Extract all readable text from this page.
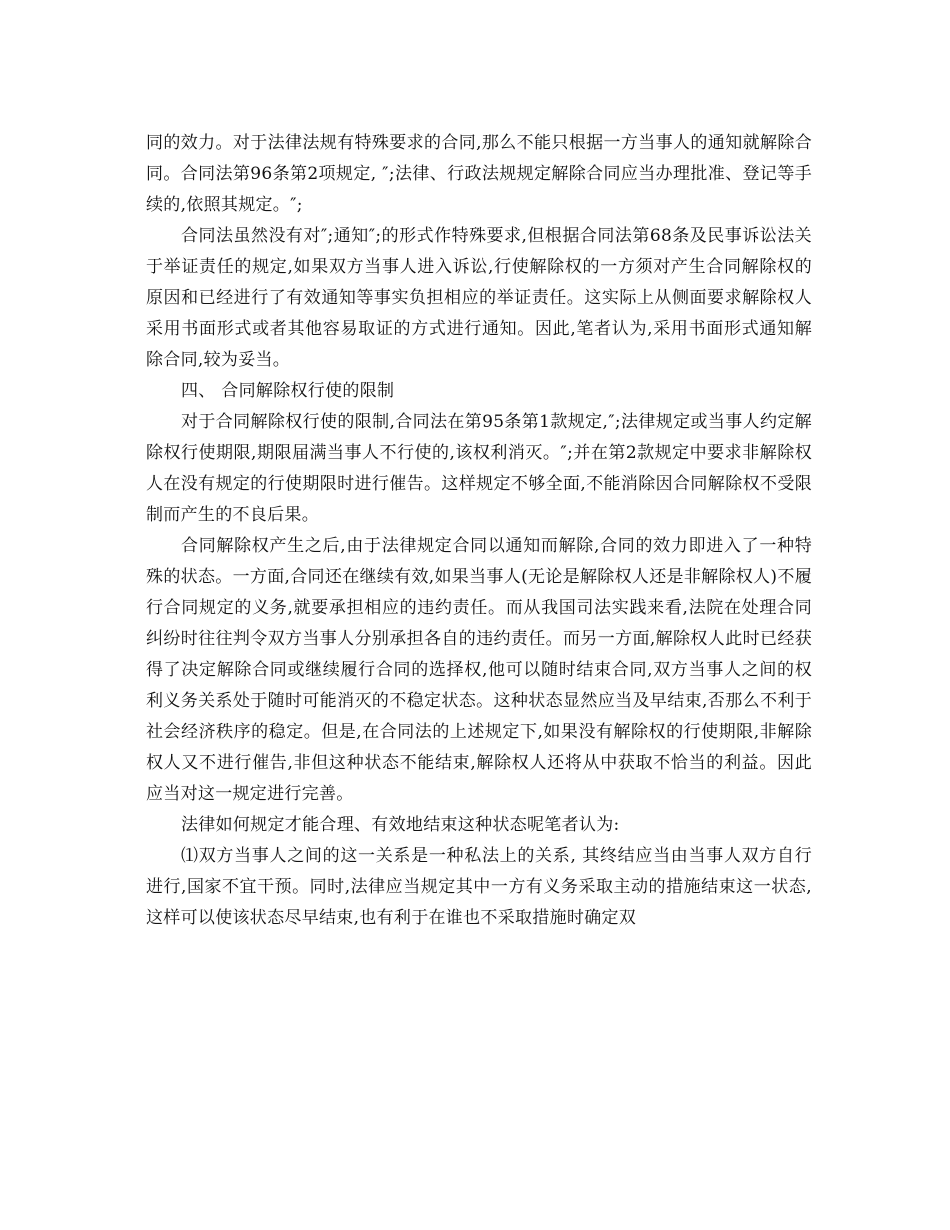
同的效力。对于法律法规有特殊要求的合同,那么不能只根据一方当事人的通知就解除合同。合同法第96条第2项规定, ″;法律、行政法规规定解除合同应当办理批准、登记等手续的,依照其规定。″;

合同法虽然没有对″;通知″;的形式作特殊要求,但根据合同法第68条及民事诉讼法关于举证责任的规定,如果双方当事人进入诉讼,行使解除权的一方须对产生合同解除权的原因和已经进行了有效通知等事实负担相应的举证责任。这实际上从侧面要求解除权人采用书面形式或者其他容易取证的方式进行通知。因此,笔者认为,采用书面形式通知解除合同,较为妥当。

四、 合同解除权行使的限制

对于合同解除权行使的限制,合同法在第95条第1款规定,″;法律规定或当事人约定解除权行使期限,期限届满当事人不行使的,该权利消灭。″;并在第2款规定中要求非解除权人在没有规定的行使期限时进行催告。这样规定不够全面,不能消除因合同解除权不受限制而产生的不良后果。

合同解除权产生之后,由于法律规定合同以通知而解除,合同的效力即进入了一种特殊的状态。一方面,合同还在继续有效,如果当事人(无论是解除权人还是非解除权人)不履行合同规定的义务,就要承担相应的违约责任。而从我国司法实践来看,法院在处理合同纠纷时往往判令双方当事人分别承担各自的违约责任。而另一方面,解除权人此时已经获得了决定解除合同或继续履行合同的选择权,他可以随时结束合同,双方当事人之间的权利义务关系处于随时可能消灭的不稳定状态。这种状态显然应当及早结束,否那么不利于社会经济秩序的稳定。但是,在合同法的上述规定下,如果没有解除权的行使期限,非解除权人又不进行催告,非但这种状态不能结束,解除权人还将从中获取不恰当的利益。因此应当对这一规定进行完善。

法律如何规定才能合理、有效地结束这种状态呢笔者认为:

⑴双方当事人之间的这一关系是一种私法上的关系, 其终结应当由当事人双方自行进行,国家不宜干预。同时,法律应当规定其中一方有义务采取主动的措施结束这一状态,这样可以使该状态尽早结束,也有利于在谁也不采取措施时确定双
